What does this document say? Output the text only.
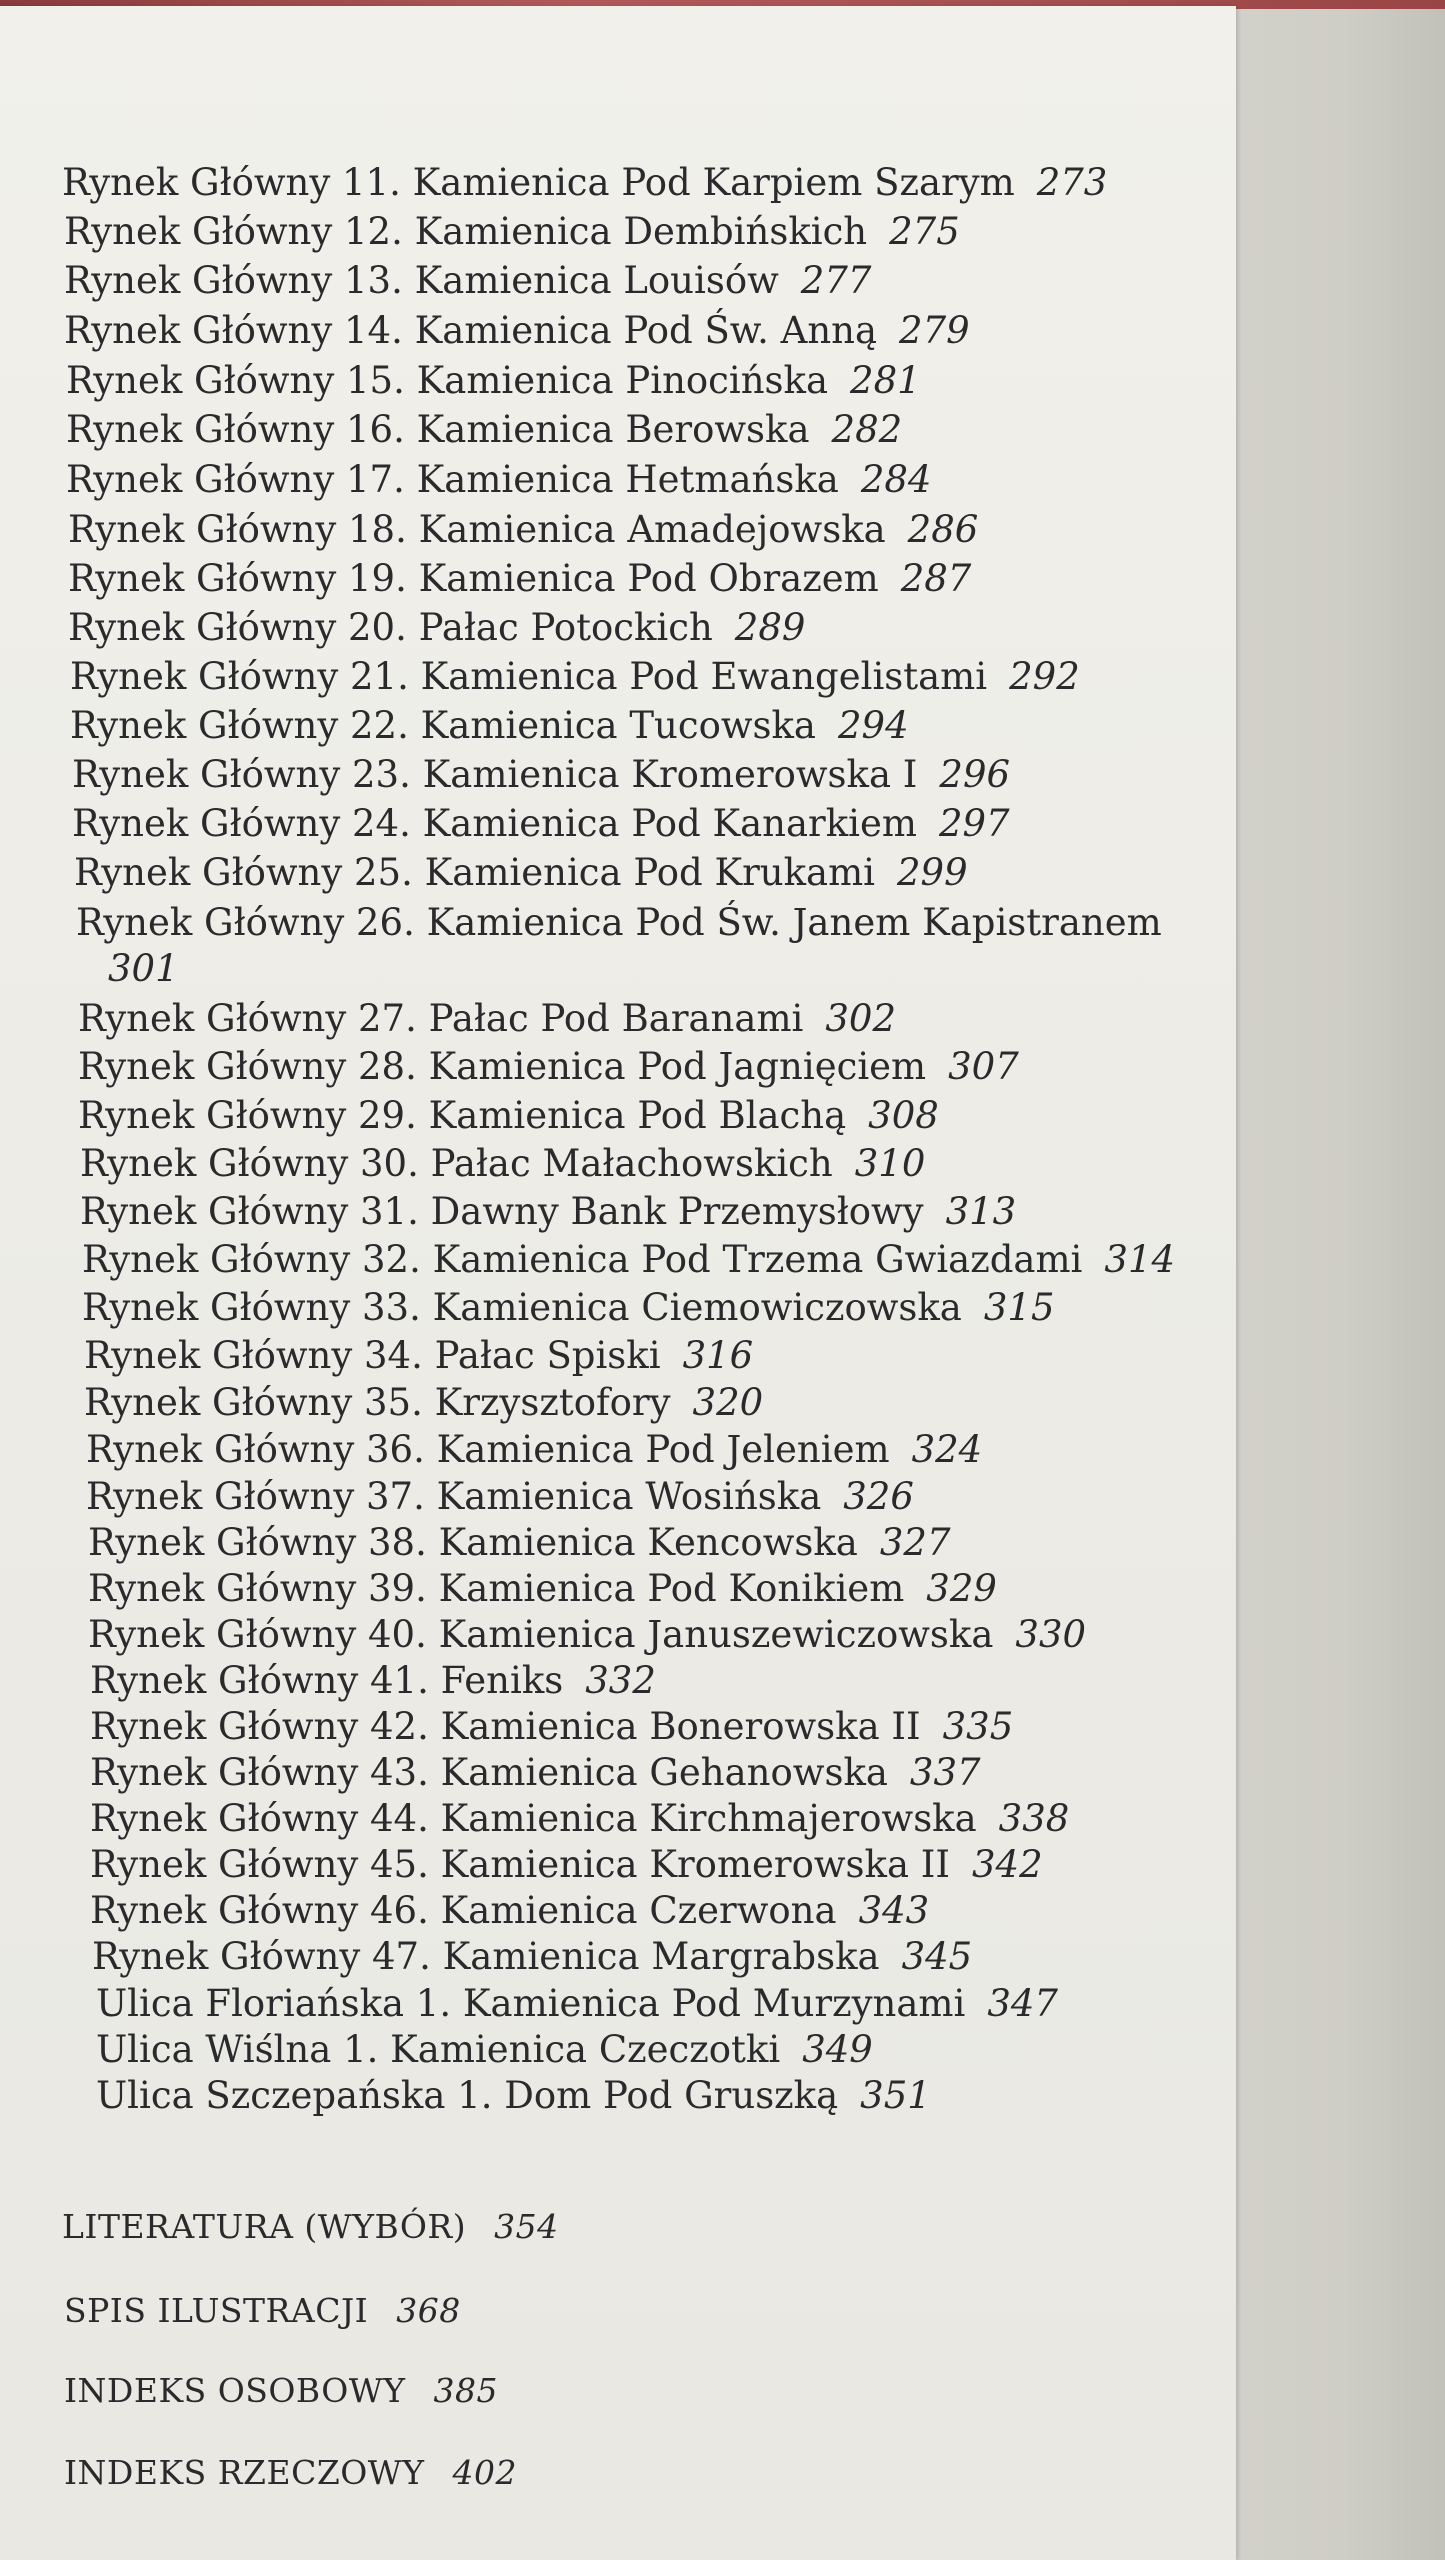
Rynek Główny 11. Kamienica Pod Karpiem Szarym 273
Rynek Główny 12. Kamienica Dembińskich 275
Rynek Główny 13. Kamienica Louisów 277
Rynek Główny 14. Kamienica Pod Św. Anną 279
Rynek Główny 15. Kamienica Pinocińska 281
Rynek Główny 16. Kamienica Berowska 282
Rynek Główny 17. Kamienica Hetmańska 284
Rynek Główny 18. Kamienica Amadejowska 286
Rynek Główny 19. Kamienica Pod Obrazem 287
Rynek Główny 20. Pałac Potockich 289
Rynek Główny 21. Kamienica Pod Ewangelistami 292
Rynek Główny 22. Kamienica Tucowska 294
Rynek Główny 23. Kamienica Kromerowska I 296
Rynek Główny 24. Kamienica Pod Kanarkiem 297
Rynek Główny 25. Kamienica Pod Krukami 299
Rynek Główny 26. Kamienica Pod Św. Janem Kapistranem
301
Rynek Główny 27. Pałac Pod Baranami 302
Rynek Główny 28. Kamienica Pod Jagnięciem 307
Rynek Główny 29. Kamienica Pod Blachą 308
Rynek Główny 30. Pałac Małachowskich 310
Rynek Główny 31. Dawny Bank Przemysłowy 313
Rynek Główny 32. Kamienica Pod Trzema Gwiazdami 314
Rynek Główny 33. Kamienica Ciemowiczowska 315
Rynek Główny 34. Pałac Spiski 316
Rynek Główny 35. Krzysztofory 320
Rynek Główny 36. Kamienica Pod Jeleniem 324
Rynek Główny 37. Kamienica Wosińska 326
Rynek Główny 38. Kamienica Kencowska 327
Rynek Główny 39. Kamienica Pod Konikiem 329
Rynek Główny 40. Kamienica Januszewiczowska 330
Rynek Główny 41. Feniks 332
Rynek Główny 42. Kamienica Bonerowska II 335
Rynek Główny 43. Kamienica Gehanowska 337
Rynek Główny 44. Kamienica Kirchmajerowska 338
Rynek Główny 45. Kamienica Kromerowska II 342
Rynek Główny 46. Kamienica Czerwona 343
Rynek Główny 47. Kamienica Margrabska 345
Ulica Floriańska 1. Kamienica Pod Murzynami 347
Ulica Wiślna 1. Kamienica Czeczotki 349
Ulica Szczepańska 1. Dom Pod Gruszką 351
LITERATURA (WYBÓR) 354
SPIS ILUSTRACJI 368
INDEKS OSOBOWY 385
INDEKS RZECZOWY 402
